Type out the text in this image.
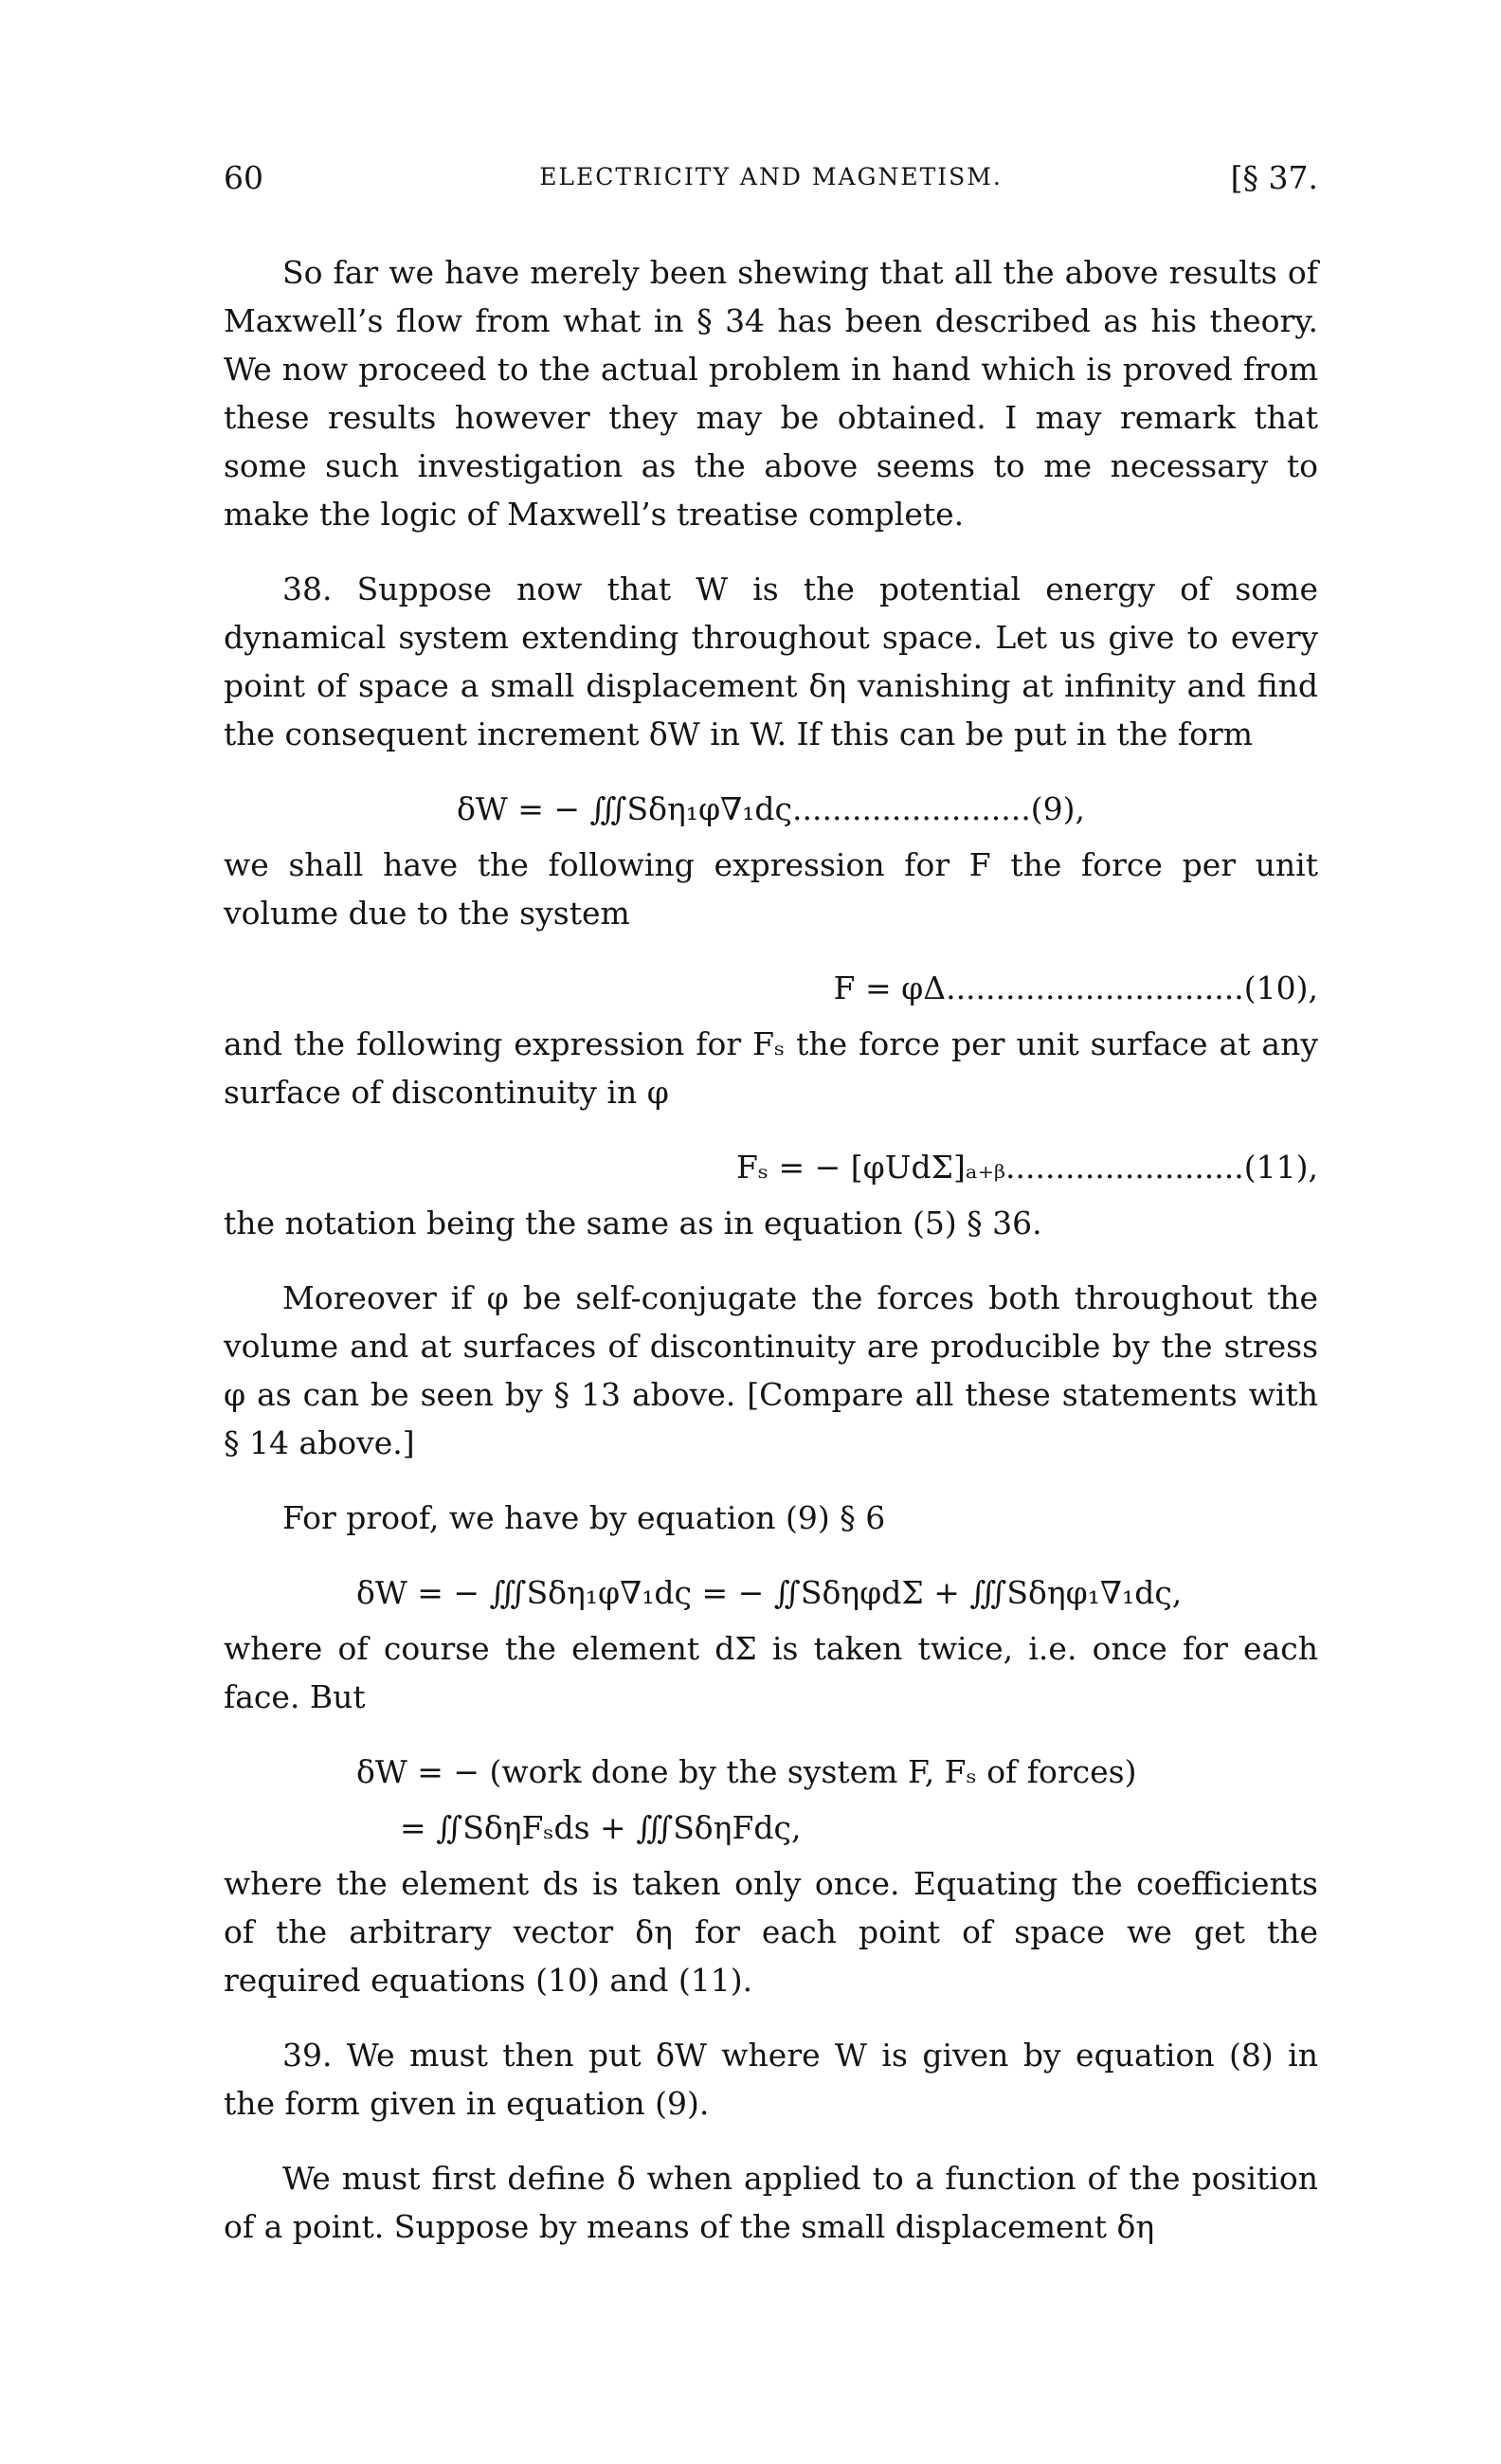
60	ELECTRICITY AND MAGNETISM.	[§ 37.

So far we have merely been shewing that all the above results of Maxwell’s flow from what in § 34 has been described as his theory. We now proceed to the actual problem in hand which is proved from these results however they may be obtained. I may remark that some such investigation as the above seems to me necessary to make the logic of Maxwell’s treatise complete.

38. Suppose now that W is the potential energy of some dynamical system extending throughout space. Let us give to every point of space a small displacement δη vanishing at infinity and find the consequent increment δW in W. If this can be put in the form

δW = − ∭Sδη₁φ∇₁dς........................(9),

we shall have the following expression for F the force per unit volume due to the system

F = φΔ..............................(10),

and the following expression for Fₛ the force per unit surface at any surface of discontinuity in φ

Fₛ = − [φUdΣ]ₐ₊ᵦ........................(11),

the notation being the same as in equation (5) § 36.

Moreover if φ be self-conjugate the forces both throughout the volume and at surfaces of discontinuity are producible by the stress φ as can be seen by § 13 above. [Compare all these statements with § 14 above.]

For proof, we have by equation (9) § 6

δW = − ∭Sδη₁φ∇₁dς = − ∬SδηφdΣ + ∭Sδηφ₁∇₁dς,

where of course the element dΣ is taken twice, i.e. once for each face. But

δW = − (work done by the system F, Fₛ of forces)
= ∬SδηFₛds + ∭SδηFdς,

where the element ds is taken only once. Equating the coefficients of the arbitrary vector δη for each point of space we get the required equations (10) and (11).

39. We must then put δW where W is given by equation (8) in the form given in equation (9).

We must first define δ when applied to a function of the position of a point. Suppose by means of the small displacement δη
